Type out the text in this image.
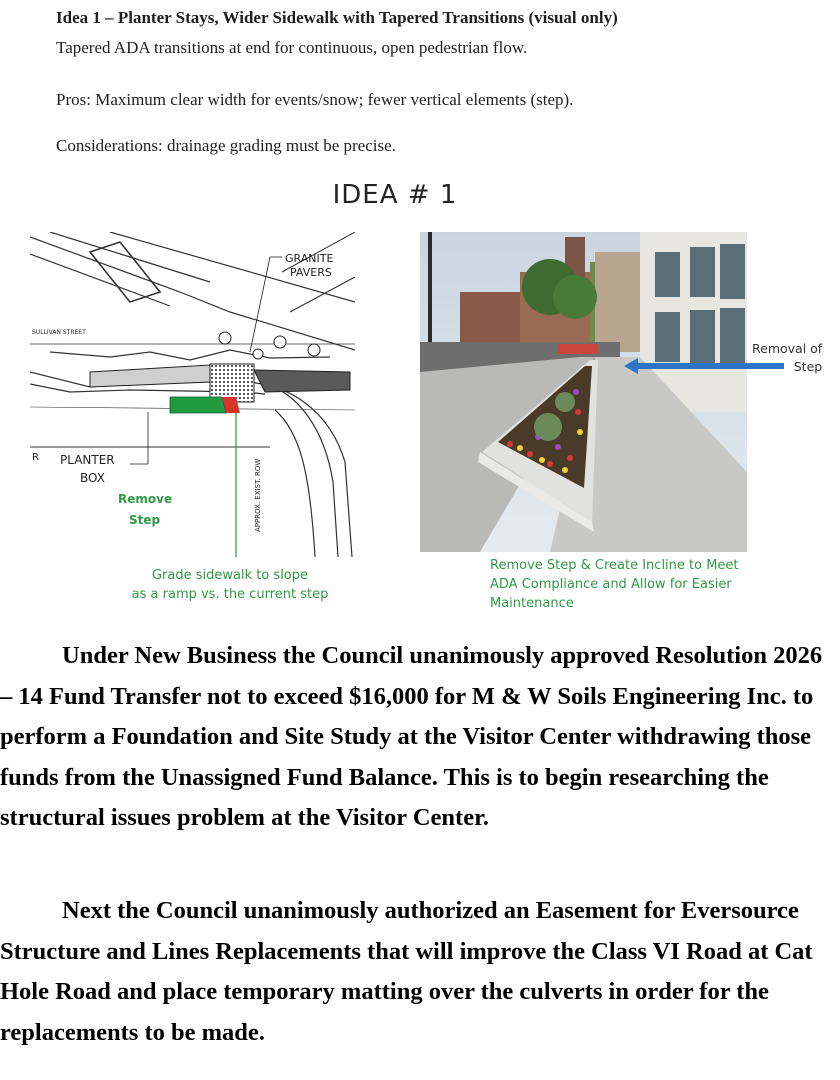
Idea 1 – Planter Stays, Wider Sidewalk with Tapered Transitions (visual only)
Tapered ADA transitions at end for continuous, open pedestrian flow.
Pros: Maximum clear width for events/snow; fewer vertical elements (step).
Considerations: drainage grading must be precise.
IDEA # 1
GRANITE
PAVERS
SULLIVAN STREET
R PLANTER
BOX
Remove
Step	APPROX. EXIST. ROW
Grade sidewalk to slope
as a ramp vs. the current step
Removal of
Step
Remove Step & Create Incline to Meet
ADA Compliance and Allow for Easier
Maintenance

Under New Business the Council unanimously approved Resolution 2026 – 14 Fund Transfer not to exceed $16,000 for M & W Soils Engineering Inc. to perform a Foundation and Site Study at the Visitor Center withdrawing those funds from the Unassigned Fund Balance. This is to begin researching the structural issues problem at the Visitor Center.

Next the Council unanimously authorized an Easement for Eversource Structure and Lines Replacements that will improve the Class VI Road at Cat Hole Road and place temporary matting over the culverts in order for the replacements to be made.
